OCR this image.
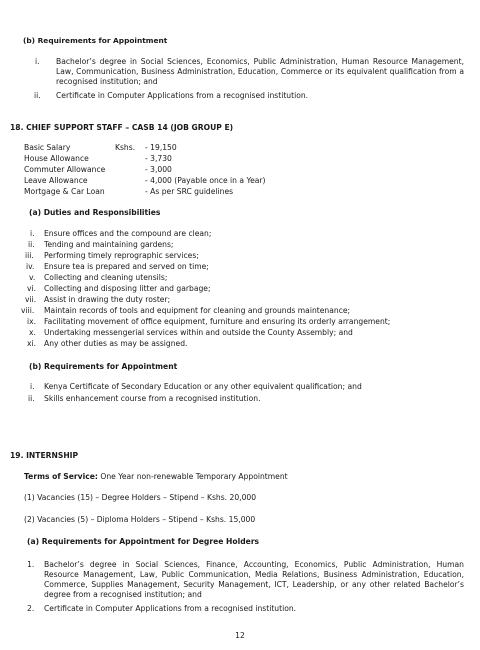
(b) Requirements for Appointment
i. Bachelor’s degree in Social Sciences, Economics, Public Administration, Human Resource Management, Law, Communication, Business Administration, Education, Commerce or its equivalent qualification from a recognised institution; and
ii. Certificate in Computer Applications from a recognised institution.
18. CHIEF SUPPORT STAFF – CASB 14 (JOB GROUP E)
Basic Salary	Kshs. - 19,150
House Allowance	- 3,730
Commuter Allowance	- 3,000
Leave Allowance	- 4,000 (Payable once in a Year)
Mortgage & Car Loan	- As per SRC guidelines
(a) Duties and Responsibilities
i. Ensure offices and the compound are clean;
ii. Tending and maintaining gardens;
iii. Performing timely reprographic services;
iv. Ensure tea is prepared and served on time;
v. Collecting and cleaning utensils;
vi. Collecting and disposing litter and garbage;
vii. Assist in drawing the duty roster;
viii. Maintain records of tools and equipment for cleaning and grounds maintenance;
ix. Facilitating movement of office equipment, furniture and ensuring its orderly arrangement;
x. Undertaking messengerial services within and outside the County Assembly; and
xi. Any other duties as may be assigned.
(b) Requirements for Appointment
i. Kenya Certificate of Secondary Education or any other equivalent qualification; and
ii. Skills enhancement course from a recognised institution.
19. INTERNSHIP
Terms of Service: One Year non-renewable Temporary Appointment
(1) Vacancies (15) – Degree Holders – Stipend – Kshs. 20,000
(2) Vacancies (5) – Diploma Holders – Stipend – Kshs. 15,000
(a) Requirements for Appointment for Degree Holders
1. Bachelor’s degree in Social Sciences, Finance, Accounting, Economics, Public Administration, Human Resource Management, Law, Public Communication, Media Relations, Business Administration, Education, Commerce, Supplies Management, Security Management, ICT, Leadership, or any other related Bachelor’s degree from a recognised institution; and
2. Certificate in Computer Applications from a recognised institution.
12
